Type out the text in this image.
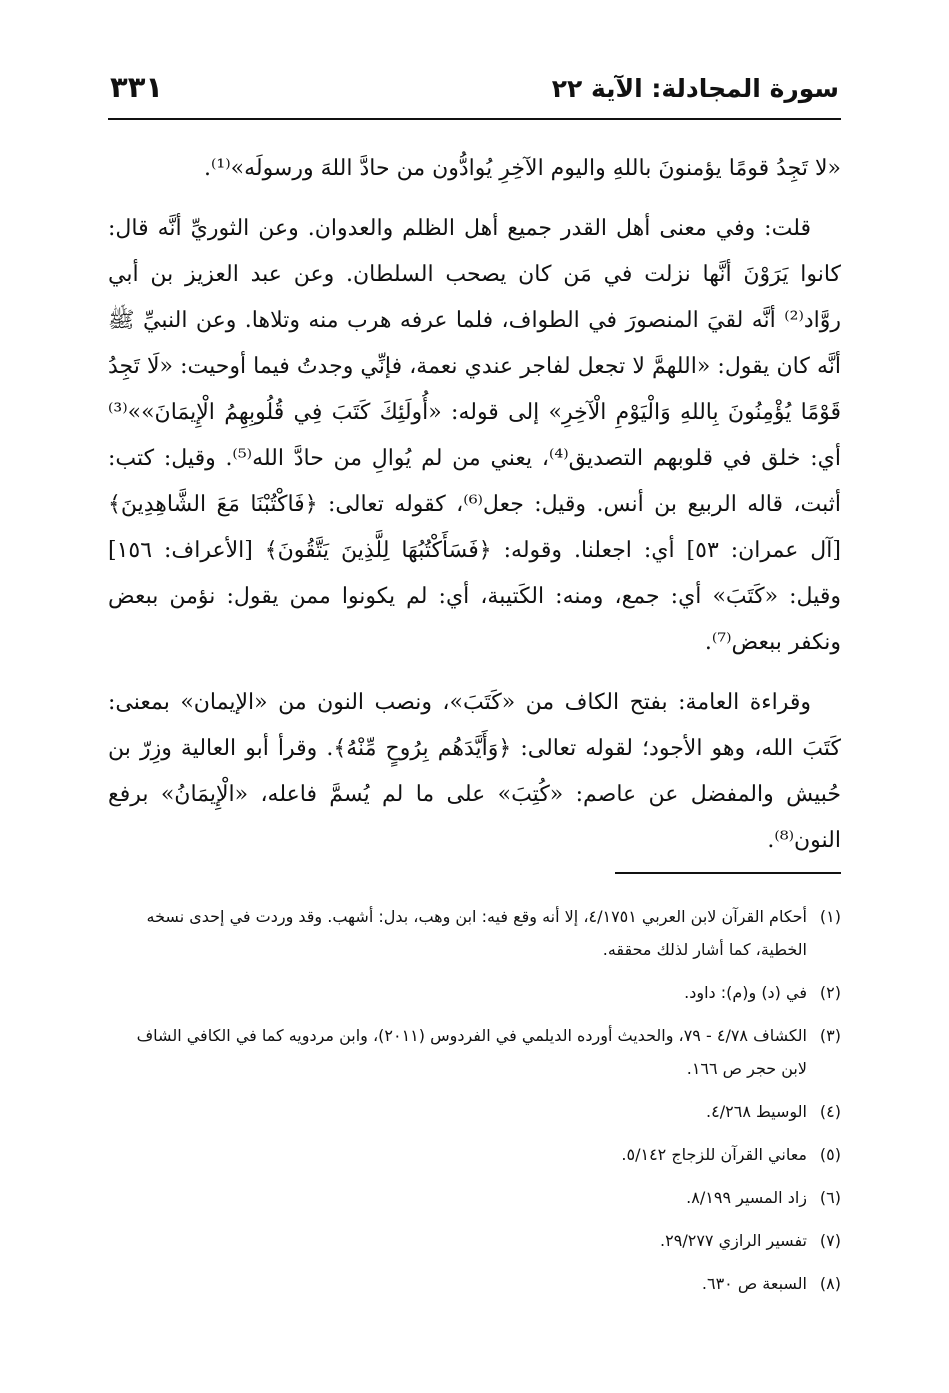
سورة المجادلة: الآية ٢٢
٣٣١

«لا تَجِدُ قومًا يؤمنونَ باللهِ واليوم الآخِرِ يُوادُّون من حادَّ اللهَ ورسولَه»⁽¹⁾.

قلت: وفي معنى أهل القدر جميع أهل الظلم والعدوان. وعن الثوريِّ أنَّه قال: كانوا يَرَوْنَ أنَّها نزلت في مَن كان يصحب السلطان. وعن عبد العزيز بن أبي روَّاد⁽²⁾ أنَّه لقيَ المنصورَ في الطواف، فلما عرفه هرب منه وتلاها. وعن النبيِّ ﷺ أنَّه كان يقول: «اللهمَّ لا تجعل لفاجر عندي نعمة، فإنِّي وجدتُ فيما أوحيت: «لَا تَجِدُ قَوْمًا يُؤْمِنُونَ بِاللهِ وَالْيَوْمِ الْآخِرِ» إلى قوله: «أُولَئِكَ كَتَبَ فِي قُلُوبِهِمُ الْإِيمَانَ»»⁽³⁾ أي: خلق في قلوبهم التصديق⁽⁴⁾، يعني من لم يُوالِ من حادَّ الله⁽⁵⁾. وقيل: كتب: أثبت، قاله الربيع بن أنس. وقيل: جعل⁽⁶⁾، كقوله تعالى: ﴿فَاكْتُبْنَا مَعَ الشَّاهِدِينَ﴾ [آل عمران: ٥٣] أي: اجعلنا. وقوله: ﴿فَسَأَكْتُبُهَا لِلَّذِينَ يَتَّقُونَ﴾ [الأعراف: ١٥٦] وقيل: «كَتَبَ» أي: جمع، ومنه: الكَتيبة، أي: لم يكونوا ممن يقول: نؤمن ببعض ونكفر ببعض⁽⁷⁾.

وقراءة العامة: بفتح الكاف من «كَتَبَ»، ونصب النون من «الإيمان» بمعنى: كَتَبَ الله، وهو الأجود؛ لقوله تعالى: ﴿وَأَيَّدَهُم بِرُوحٍ مِّنْهُ﴾. وقرأ أبو العالية وزِرّ بن حُبيش والمفضل عن عاصم: «كُتِبَ» على ما لم يُسمَّ فاعله، «الْإِيمَانُ» برفع النون⁽⁸⁾.

(١)أحكام القرآن لابن العربي ٤/١٧٥١، إلا أنه وقع فيه: ابن وهب، بدل: أشهب. وقد وردت في إحدى نسخه الخطية، كما أشار لذلك محققه.
(٢)في (د) و(م): داود.
(٣)الكشاف ٤/٧٨ - ٧٩، والحديث أورده الديلمي في الفردوس (٢٠١١)، وابن مردويه كما في الكافي الشاف لابن حجر ص ١٦٦.
(٤)الوسيط ٤/٢٦٨.
(٥)معاني القرآن للزجاج ٥/١٤٢.
(٦)زاد المسير ٨/١٩٩.
(٧)تفسير الرازي ٢٩/٢٧٧.
(٨)السبعة ص ٦٣٠.
